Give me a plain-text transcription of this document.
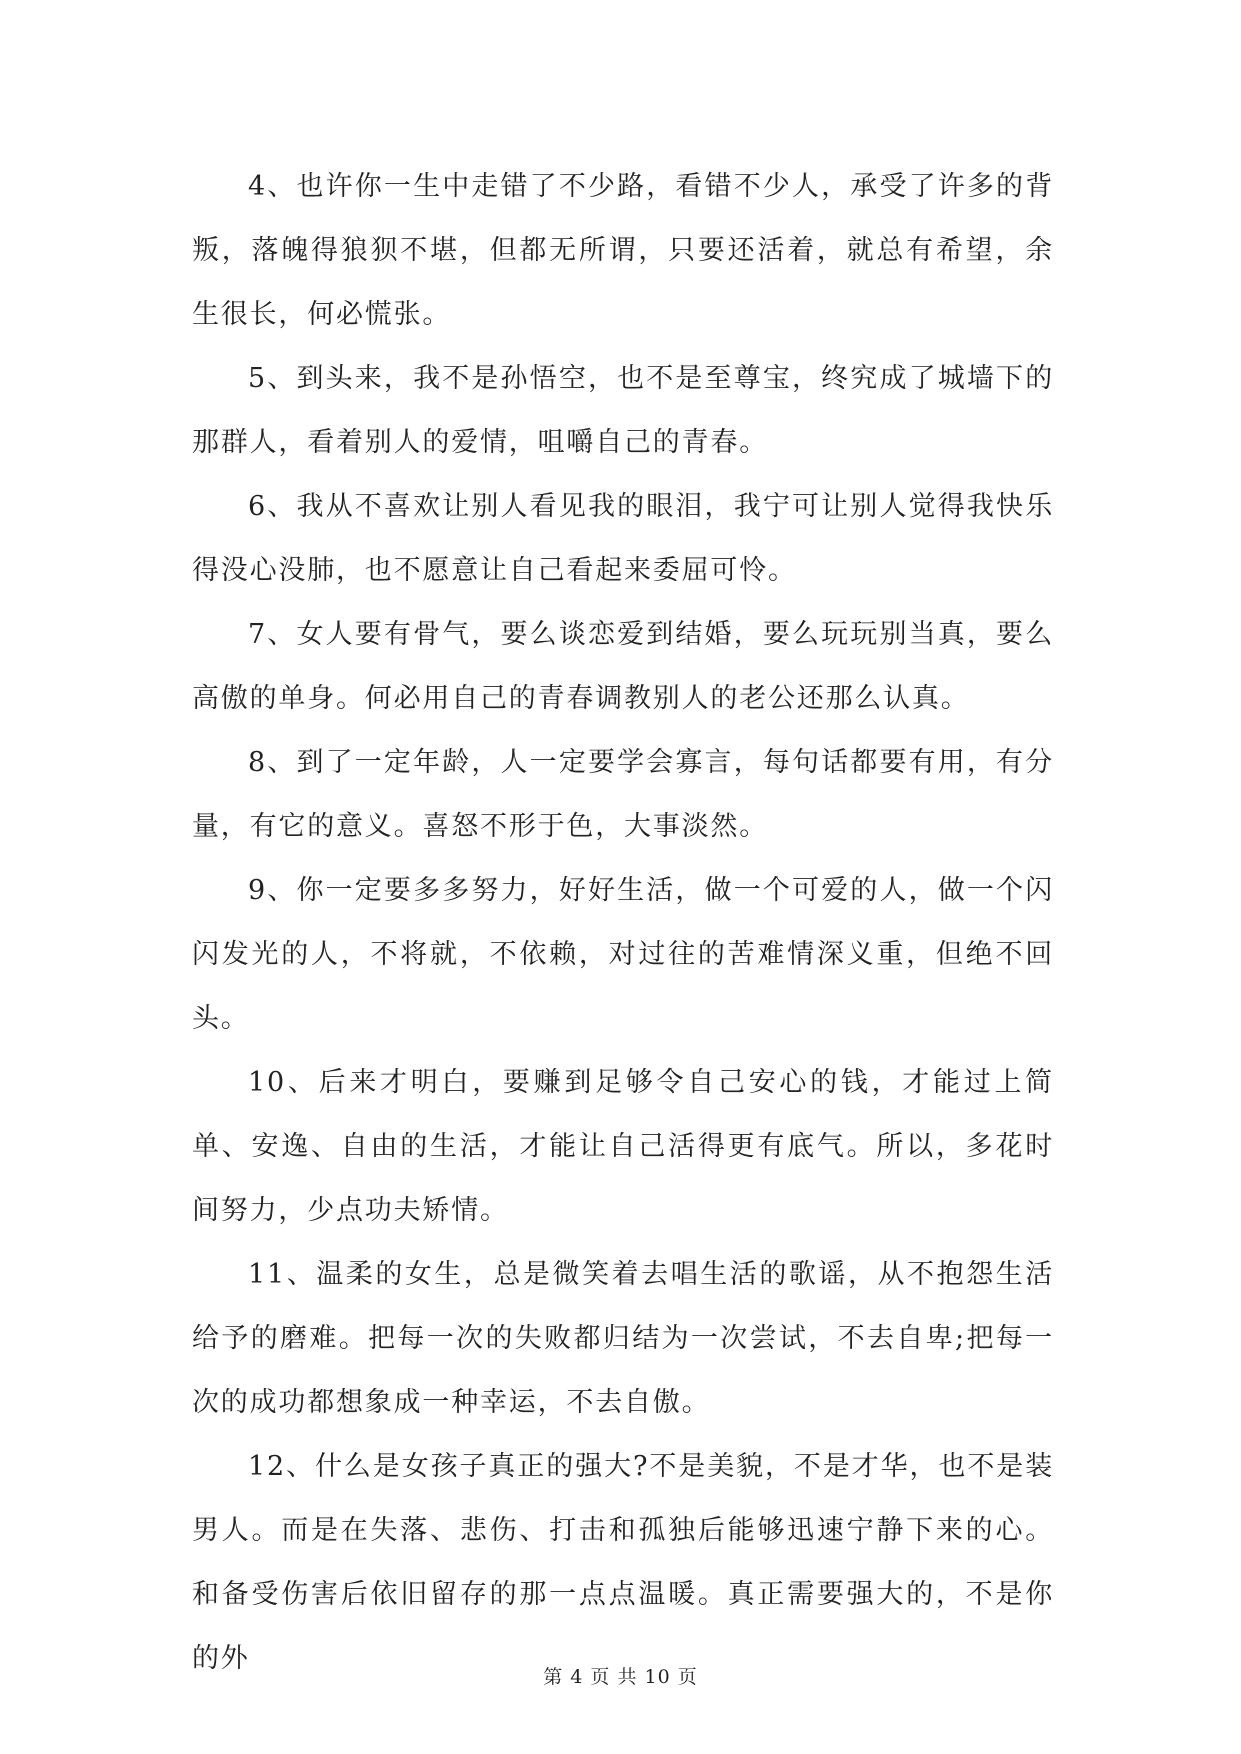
4、也许你一生中走错了不少路，看错不少人，承受了许多的背叛，落魄得狼狈不堪，但都无所谓，只要还活着，就总有希望，余生很长，何必慌张。

5、到头来，我不是孙悟空，也不是至尊宝，终究成了城墙下的那群人，看着别人的爱情，咀嚼自己的青春。

6、我从不喜欢让别人看见我的眼泪，我宁可让别人觉得我快乐得没心没肺，也不愿意让自己看起来委屈可怜。

7、女人要有骨气，要么谈恋爱到结婚，要么玩玩别当真，要么高傲的单身。何必用自己的青春调教别人的老公还那么认真。

8、到了一定年龄，人一定要学会寡言，每句话都要有用，有分量，有它的意义。喜怒不形于色，大事淡然。

9、你一定要多多努力，好好生活，做一个可爱的人，做一个闪闪发光的人，不将就，不依赖，对过往的苦难情深义重，但绝不回头。

10、后来才明白，要赚到足够令自己安心的钱，才能过上简单、安逸、自由的生活，才能让自己活得更有底气。所以，多花时间努力，少点功夫矫情。

11、温柔的女生，总是微笑着去唱生活的歌谣，从不抱怨生活给予的磨难。把每一次的失败都归结为一次尝试，不去自卑;把每一次的成功都想象成一种幸运，不去自傲。

12、什么是女孩子真正的强大?不是美貌，不是才华，也不是装男人。而是在失落、悲伤、打击和孤独后能够迅速宁静下来的心。和备受伤害后依旧留存的那一点点温暖。真正需要强大的，不是你的外

第 4 页 共 10 页
